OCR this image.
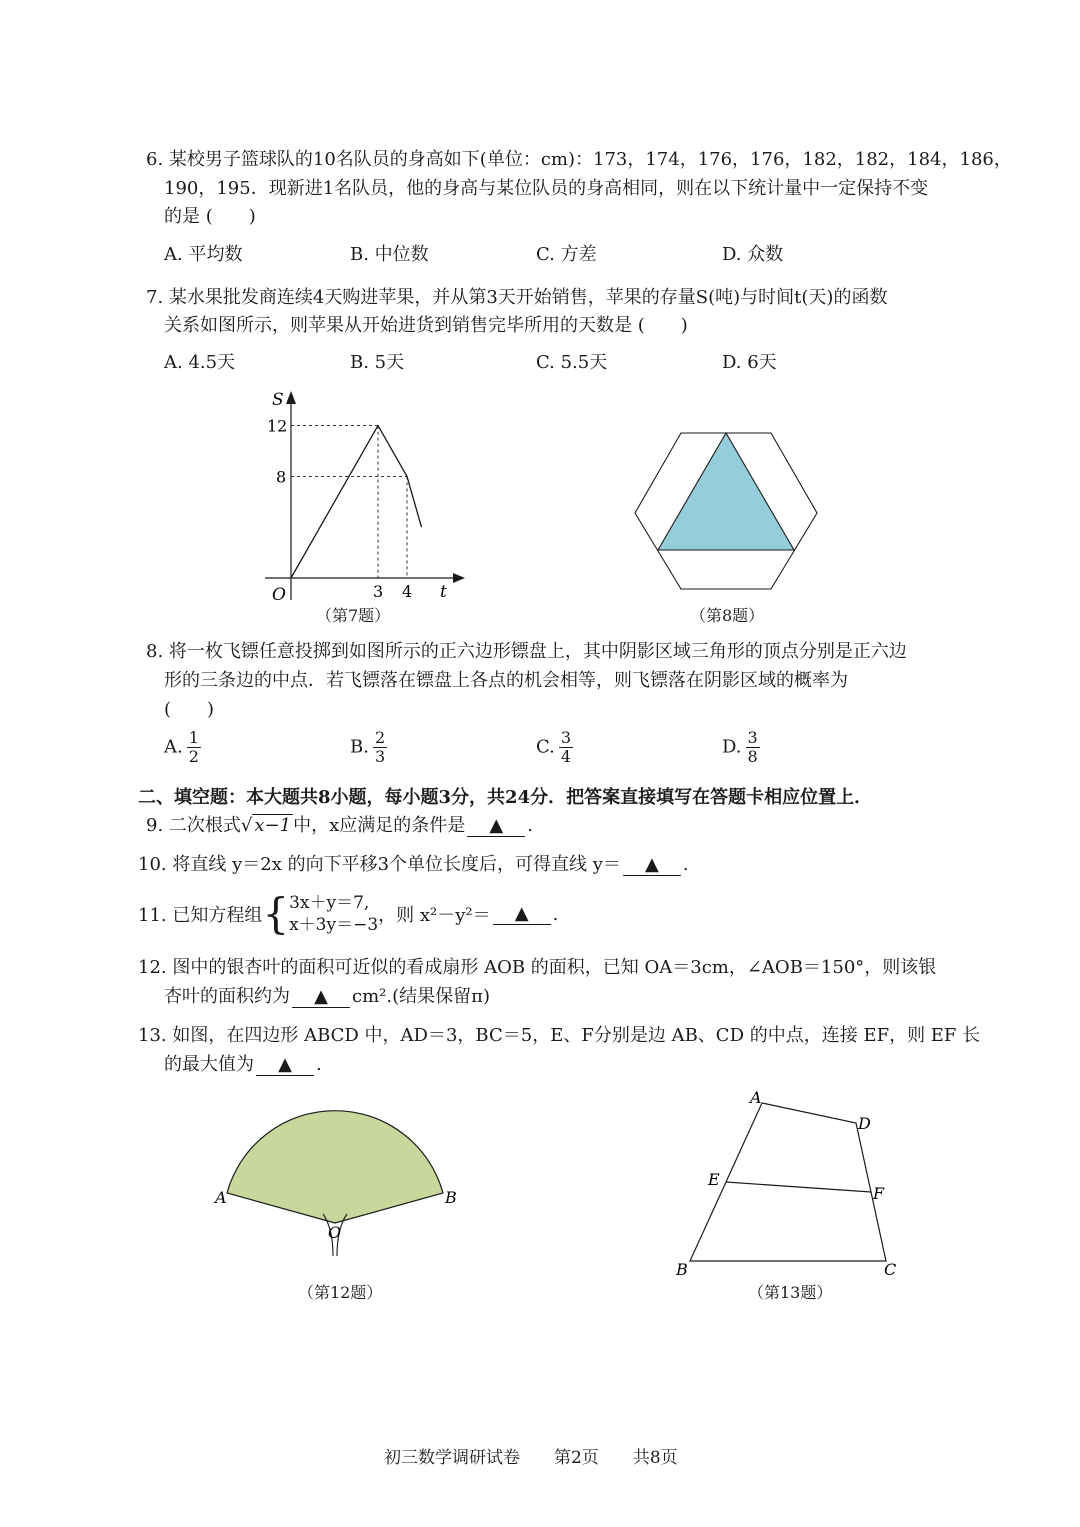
6. 某校男子篮球队的10名队员的身高如下(单位：cm)：173，174，176，176，182，182，184，186，
190，195．现新进1名队员，他的身高与某位队员的身高相同，则在以下统计量中一定保持不变
的是 (　　)
A. 平均数	B. 中位数	C. 方差	D. 众数
7. 某水果批发商连续4天购进苹果，并从第3天开始销售，苹果的存量S(吨)与时间t(天)的函数
关系如图所示，则苹果从开始进货到销售完毕所用的天数是 (　　)
A. 4.5天	B. 5天	C. 5.5天	D. 6天
S
t
O	3 4
8
12
（第7题）	（第8题）
8. 将一枚飞镖任意投掷到如图所示的正六边形镖盘上，其中阴影区域三角形的顶点分别是正六边
形的三条边的中点．若飞镖落在镖盘上各点的机会相等，则飞镖落在阴影区域的概率为
(　　)
A. $\frac{1}{2}$	B. $\frac{2}{3}$	C. $\frac{3}{4}$	D. $\frac{3}{8}$
二、填空题：本大题共8小题，每小题3分，共24分．把答案直接填写在答题卡相应位置上．
9. 二次根式√ x−1 中，x应满足的条件是 ▲ .
10. 将直线 y＝2x 的向下平移3个单位长度后，可得直线 y＝ ▲ .
11. 已知方程组 { 3x＋y＝7,
x＋3y＝−3 ，则 x²－y²＝	▲	.
12. 图中的银杏叶的面积可近似的看成扇形 AOB 的面积，已知 OA＝3cm，∠AOB＝150°，则该银
杏叶的面积约为 ▲ cm².(结果保留π)
13. 如图，在四边形 ABCD 中，AD＝3，BC＝5，E、F分别是边 AB、CD 的中点，连接 EF，则 EF 长
的最大值为 ▲ .
A	B
O
（第12题）
A
D
E
F
B	C
（第13题）
初三数学调研试卷　　第2页　　共8页
